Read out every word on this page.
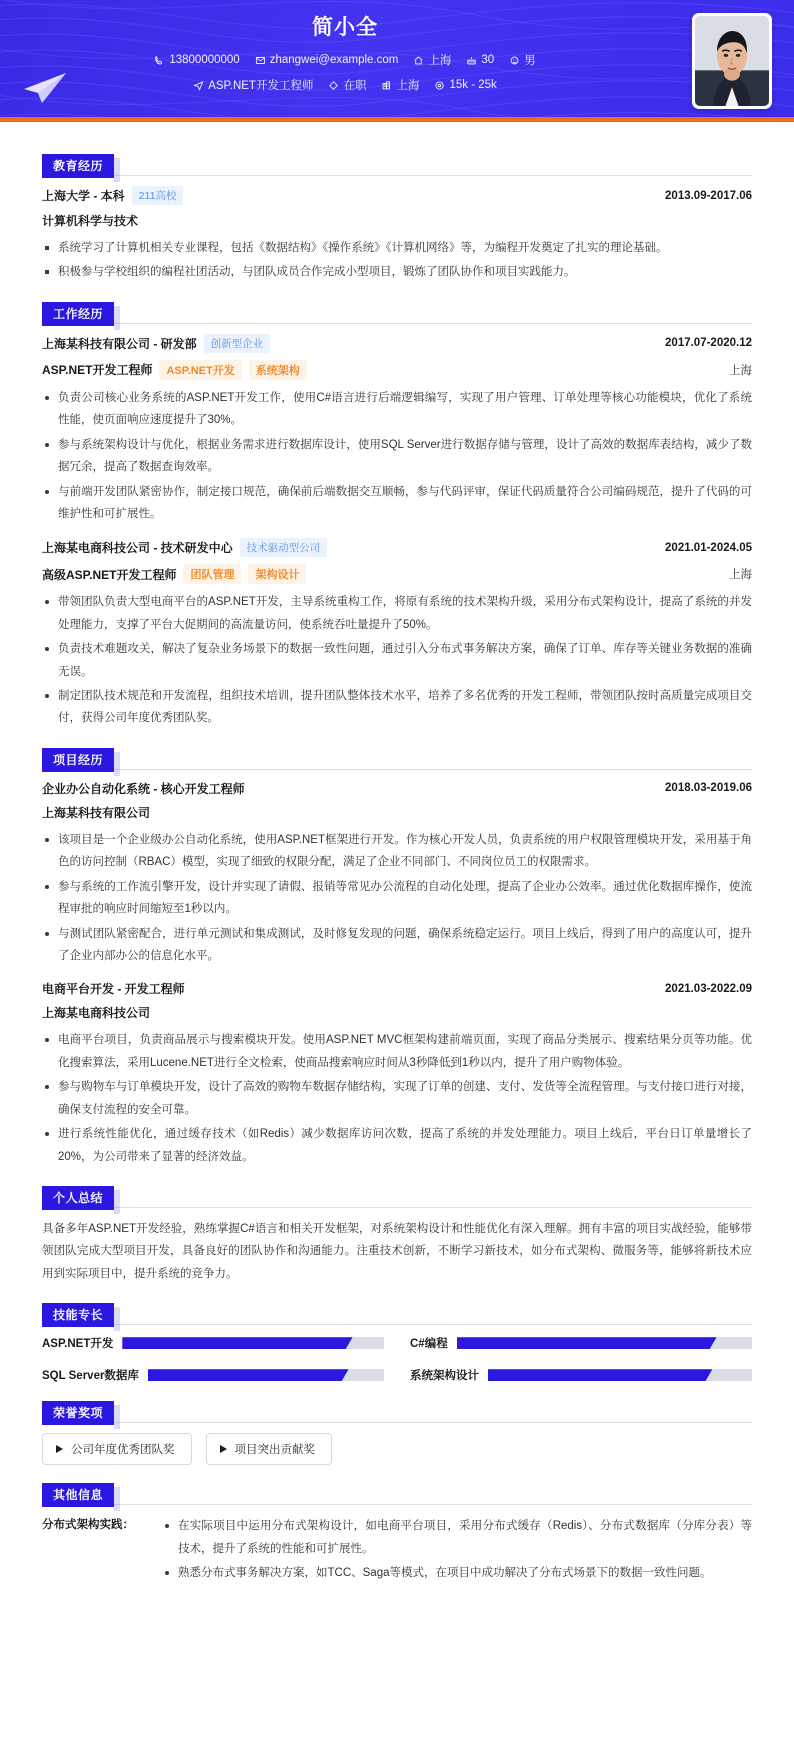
简小全
13800000000	zhangwei@example.com	上海	30	男
ASP.NET开发工程师	在职	上海	15k - 25k
教育经历
上海大学 - 本科	211高校	2013.09-2017.06
计算机科学与技术
系统学习了计算机相关专业课程，包括《数据结构》《操作系统》《计算机网络》等，为编程开发奠定了扎实的理论基础。
积极参与学校组织的编程社团活动，与团队成员合作完成小型项目，锻炼了团队协作和项目实践能力。
工作经历
上海某科技有限公司 - 研发部	创新型企业	2017.07-2020.12
ASP.NET开发工程师	ASP.NET开发	系统架构	上海
负责公司核心业务系统的ASP.NET开发工作，使用C#语言进行后端逻辑编写，实现了用户管理、订单处理等核心功能模块，优化了系统性能，使页面响应速度提升了30%。
参与系统架构设计与优化，根据业务需求进行数据库设计，使用SQL Server进行数据存储与管理，设计了高效的数据库表结构，减少了数据冗余，提高了数据查询效率。
与前端开发团队紧密协作，制定接口规范，确保前后端数据交互顺畅，参与代码评审，保证代码质量符合公司编码规范，提升了代码的可维护性和可扩展性。
上海某电商科技公司 - 技术研发中心	技术驱动型公司	2021.01-2024.05
高级ASP.NET开发工程师	团队管理	架构设计	上海
带领团队负责大型电商平台的ASP.NET开发，主导系统重构工作，将原有系统的技术架构升级，采用分布式架构设计，提高了系统的并发处理能力，支撑了平台大促期间的高流量访问，使系统吞吐量提升了50%。
负责技术难题攻关，解决了复杂业务场景下的数据一致性问题，通过引入分布式事务解决方案，确保了订单、库存等关键业务数据的准确无误。
制定团队技术规范和开发流程，组织技术培训，提升团队整体技术水平，培养了多名优秀的开发工程师，带领团队按时高质量完成项目交付，获得公司年度优秀团队奖。
项目经历
企业办公自动化系统 - 核心开发工程师	2018.03-2019.06
上海某科技有限公司
该项目是一个企业级办公自动化系统，使用ASP.NET框架进行开发。作为核心开发人员，负责系统的用户权限管理模块开发，采用基于角色的访问控制（RBAC）模型，实现了细致的权限分配，满足了企业不同部门、不同岗位员工的权限需求。
参与系统的工作流引擎开发，设计并实现了请假、报销等常见办公流程的自动化处理，提高了企业办公效率。通过优化数据库操作，使流程审批的响应时间缩短至1秒以内。
与测试团队紧密配合，进行单元测试和集成测试，及时修复发现的问题，确保系统稳定运行。项目上线后，得到了用户的高度认可，提升了企业内部办公的信息化水平。
电商平台开发 - 开发工程师	2021.03-2022.09
上海某电商科技公司
电商平台项目，负责商品展示与搜索模块开发。使用ASP.NET MVC框架构建前端页面，实现了商品分类展示、搜索结果分页等功能。优化搜索算法，采用Lucene.NET进行全文检索，使商品搜索响应时间从3秒降低到1秒以内，提升了用户购物体验。
参与购物车与订单模块开发，设计了高效的购物车数据存储结构，实现了订单的创建、支付、发货等全流程管理。与支付接口进行对接，确保支付流程的安全可靠。
进行系统性能优化，通过缓存技术（如Redis）减少数据库访问次数，提高了系统的并发处理能力。项目上线后，平台日订单量增长了20%，为公司带来了显著的经济效益。
个人总结

具备多年ASP.NET开发经验，熟练掌握C#语言和相关开发框架，对系统架构设计和性能优化有深入理解。拥有丰富的项目实战经验，能够带领团队完成大型项目开发，具备良好的团队协作和沟通能力。注重技术创新，不断学习新技术，如分布式架构、微服务等，能够将新技术应用到实际项目中，提升系统的竞争力。

技能专长
ASP.NET开发	C#编程
SQL Server数据库	系统架构设计
荣誉奖项
公司年度优秀团队奖	项目突出贡献奖
其他信息
分布式架构实践：	在实际项目中运用分布式架构设计，如电商平台项目，采用分布式缓存（Redis）、分布式数据库（分库分表）等技术，提升了系统的性能和可扩展性。
熟悉分布式事务解决方案，如TCC、Saga等模式，在项目中成功解决了分布式场景下的数据一致性问题。
